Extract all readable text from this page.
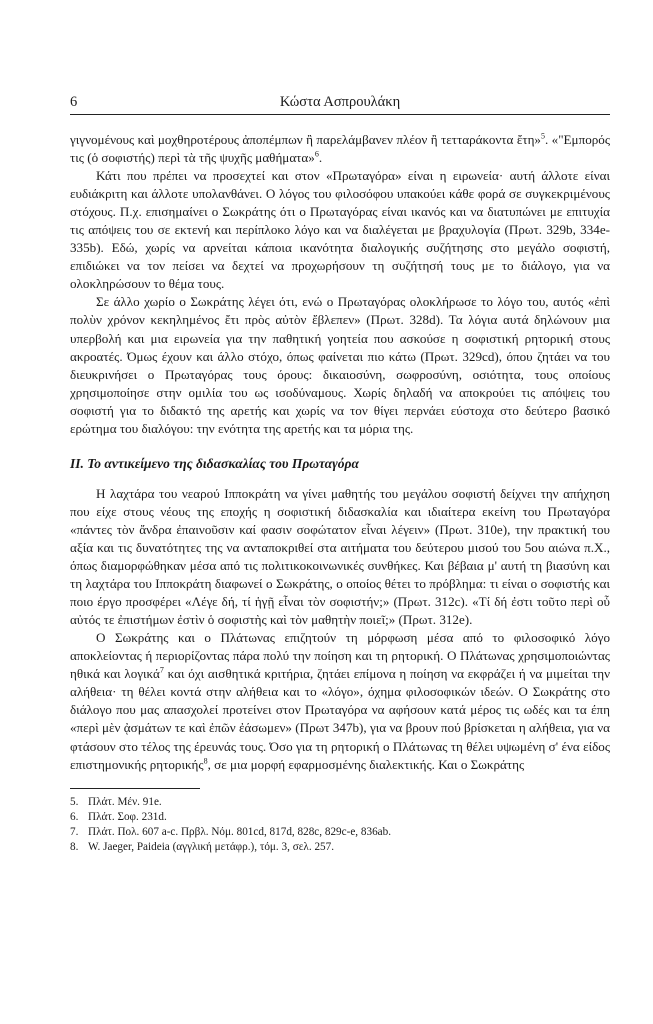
6	Κώστα Ασπρουλάκη

γιγνομένους καὶ μοχθηροτέρους ἀποπέμπων ἢ παρελάμβανεν πλέον ἢ τετταράκοντα ἔτη»$^5$. «"Εμπορός τις (ὁ σοφιστής) περὶ τὰ τῆς ψυχῆς μαθήματα»$^6$.

Κάτι που πρέπει να προσεχτεί και στον «Πρωταγόρα» είναι η ειρωνεία· αυτή άλλοτε είναι ευδιάκριτη και άλλοτε υπολανθάνει. Ο λόγος του φιλοσόφου υπακούει κάθε φορά σε συγκεκριμένους στόχους. Π.χ. επισημαίνει ο Σωκράτης ότι ο Πρωταγόρας είναι ικανός και να διατυπώνει με επιτυχία τις απόψεις του σε εκτενή και περίπλοκο λόγο και να διαλέγεται με βραχυλογία (Πρωτ. 329b, 334e-335b). Εδώ, χωρίς να αρνείται κάποια ικανότητα διαλογικής συζήτησης στο μεγάλο σοφιστή, επιδιώκει να τον πείσει να δεχτεί να προχωρήσουν τη συζήτησή τους με το διάλογο, για να ολοκληρώσουν το θέμα τους.

Σε άλλο χωρίο ο Σωκράτης λέγει ότι, ενώ ο Πρωταγόρας ολοκλήρωσε το λόγο του, αυτός «ἐπὶ πολὺν χρόνον κεκηλημένος ἔτι πρὸς αὐτὸν ἔβλεπεν» (Πρωτ. 328d). Τα λόγια αυτά δηλώνουν μια υπερβολή και μια ειρωνεία για την παθητική γοητεία που ασκούσε η σοφιστική ρητορική στους ακροατές. Όμως έχουν και άλλο στόχο, όπως φαίνεται πιο κάτω (Πρωτ. 329cd), όπου ζητάει να του διευκρινήσει ο Πρωταγόρας τους όρους: δικαιοσύνη, σωφροσύνη, οσιότητα, τους οποίους χρησιμοποίησε στην ομιλία του ως ισοδύναμους. Χωρίς δηλαδή να αποκρούει τις απόψεις του σοφιστή για το διδακτό της αρετής και χωρίς να τον θίγει περνάει εύστοχα στο δεύτερο βασικό ερώτημα του διαλόγου: την ενότητα της αρετής και τα μόρια της.

ΙΙ. Το αντικείμενο της διδασκαλίας του Πρωταγόρα

Η λαχτάρα του νεαρού Ιπποκράτη να γίνει μαθητής του μεγάλου σοφιστή δείχνει την απήχηση που είχε στους νέους της εποχής η σοφιστική διδασκαλία και ιδιαίτερα εκείνη του Πρωταγόρα «πάντες τὸν ἄνδρα ἐπαινοῦσιν καί φασιν σοφώτατον εἶναι λέγειν» (Πρωτ. 310e), την πρακτική του αξία και τις δυνατότητες της να ανταποκριθεί στα αιτήματα του δεύτερου μισού του 5ου αιώνα π.Χ., όπως διαμορφώθηκαν μέσα από τις πολιτικοκοινωνικές συνθήκες. Και βέβαια μ' αυτή τη βιασύνη και τη λαχτάρα του Ιπποκράτη διαφωνεί ο Σωκράτης, ο οποίος θέτει το πρόβλημα: τι είναι ο σοφιστής και ποιο έργο προσφέρει «Λέγε δή, τί ἡγῇ εἶναι τὸν σοφιστήν;» (Πρωτ. 312c). «Τί δή ἐστι τοῦτο περὶ οὗ αὐτός τε ἐπιστήμων ἐστὶν ὁ σοφιστὴς καὶ τὸν μαθητὴν ποιεῖ;» (Πρωτ. 312e).

Ο Σωκράτης και ο Πλάτωνας επιζητούν τη μόρφωση μέσα από το φιλοσοφικό λόγο αποκλείοντας ή περιορίζοντας πάρα πολύ την ποίηση και τη ρητορική. Ο Πλάτωνας χρησιμοποιώντας ηθικά και λογικά$^7$ και όχι αισθητικά κριτήρια, ζητάει επίμονα η ποίηση να εκφράζει ή να μιμείται την αλήθεια· τη θέλει κοντά στην αλήθεια και το «λόγο», όχημα φιλοσοφικών ιδεών. Ο Σωκράτης στο διάλογο που μας απασχολεί προτείνει στον Πρωταγόρα να αφήσουν κατά μέρος τις ωδές και τα έπη «περὶ μὲν ᾀσμάτων τε καὶ ἐπῶν ἐάσωμεν» (Πρωτ 347b), για να βρουν πού βρίσκεται η αλήθεια, για να φτάσουν στο τέλος της έρευνάς τους. Όσο για τη ρητορική ο Πλάτωνας τη θέλει υψωμένη σ' ένα είδος επιστημονικής ρητορικής$^8$, σε μια μορφή εφαρμοσμένης διαλεκτικής. Και ο Σωκράτης

5. Πλάτ. Μέν. 91e.
6. Πλάτ. Σοφ. 231d.
7. Πλάτ. Πολ. 607 a-c. Πρβλ. Νόμ. 801cd, 817d, 828c, 829c-e, 836ab.
8. W. Jaeger, Paideia (αγγλική μετάφρ.), τόμ. 3, σελ. 257.
